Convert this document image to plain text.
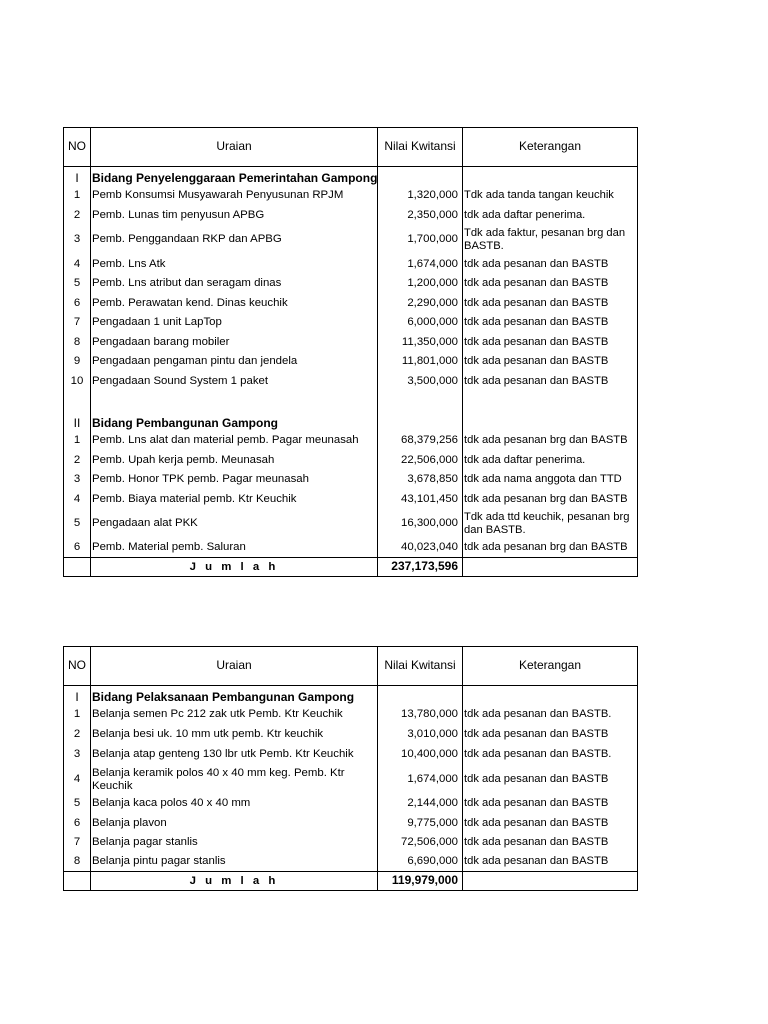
NO	Uraian	Nilai Kwitansi	Keterangan
I	Bidang Penyelenggaraan Pemerintahan Gampong		
1	Pemb Konsumsi Musyawarah Penyusunan RPJM	1,320,000	Tdk ada tanda tangan keuchik
2	Pemb. Lunas tim penyusun APBG	2,350,000	tdk ada daftar penerima.
3	Pemb. Penggandaan RKP dan APBG	1,700,000	Tdk ada faktur, pesanan brg dan BASTB.
4	Pemb. Lns Atk	1,674,000	tdk ada pesanan dan BASTB
5	Pemb. Lns atribut dan seragam dinas	1,200,000	tdk ada pesanan dan BASTB
6	Pemb. Perawatan kend. Dinas keuchik	2,290,000	tdk ada pesanan dan BASTB
7	Pengadaan 1 unit LapTop	6,000,000	tdk ada pesanan dan BASTB
8	Pengadaan barang mobiler	11,350,000	tdk ada pesanan dan BASTB
9	Pengadaan pengaman pintu dan jendela	11,801,000	tdk ada pesanan dan BASTB
10	Pengadaan Sound System 1 paket	3,500,000	tdk ada pesanan dan BASTB

II	Bidang Pembangunan Gampong		
1	Pemb. Lns alat dan material pemb. Pagar meunasah	68,379,256	tdk ada pesanan brg dan BASTB
2	Pemb. Upah kerja pemb. Meunasah	22,506,000	tdk ada daftar penerima.
3	Pemb. Honor TPK pemb. Pagar meunasah	3,678,850	tdk ada nama anggota dan TTD
4	Pemb. Biaya material pemb. Ktr Keuchik	43,101,450	tdk ada pesanan brg dan BASTB
5	Pengadaan alat PKK	16,300,000	Tdk ada ttd keuchik, pesanan brg dan BASTB.
6	Pemb. Material pemb. Saluran	40,023,040	tdk ada pesanan brg dan BASTB
	J u m l a h	237,173,596	
NO	Uraian	Nilai Kwitansi	Keterangan
I	Bidang Pelaksanaan Pembangunan Gampong		
1	Belanja semen Pc 212 zak utk Pemb. Ktr Keuchik	13,780,000	tdk ada pesanan dan BASTB.
2	Belanja besi uk. 10 mm utk pemb. Ktr keuchik	3,010,000	tdk ada pesanan dan BASTB
3	Belanja atap genteng 130 lbr utk Pemb. Ktr Keuchik	10,400,000	tdk ada pesanan dan BASTB.
4	Belanja keramik polos 40 x 40 mm keg. Pemb. Ktr Keuchik	1,674,000	tdk ada pesanan dan BASTB
5	Belanja kaca polos 40 x 40 mm	2,144,000	tdk ada pesanan dan BASTB
6	Belanja plavon	9,775,000	tdk ada pesanan dan BASTB
7	Belanja pagar stanlis	72,506,000	tdk ada pesanan dan BASTB
8	Belanja pintu pagar stanlis	6,690,000	tdk ada pesanan dan BASTB
	J u m l a h	119,979,000	
